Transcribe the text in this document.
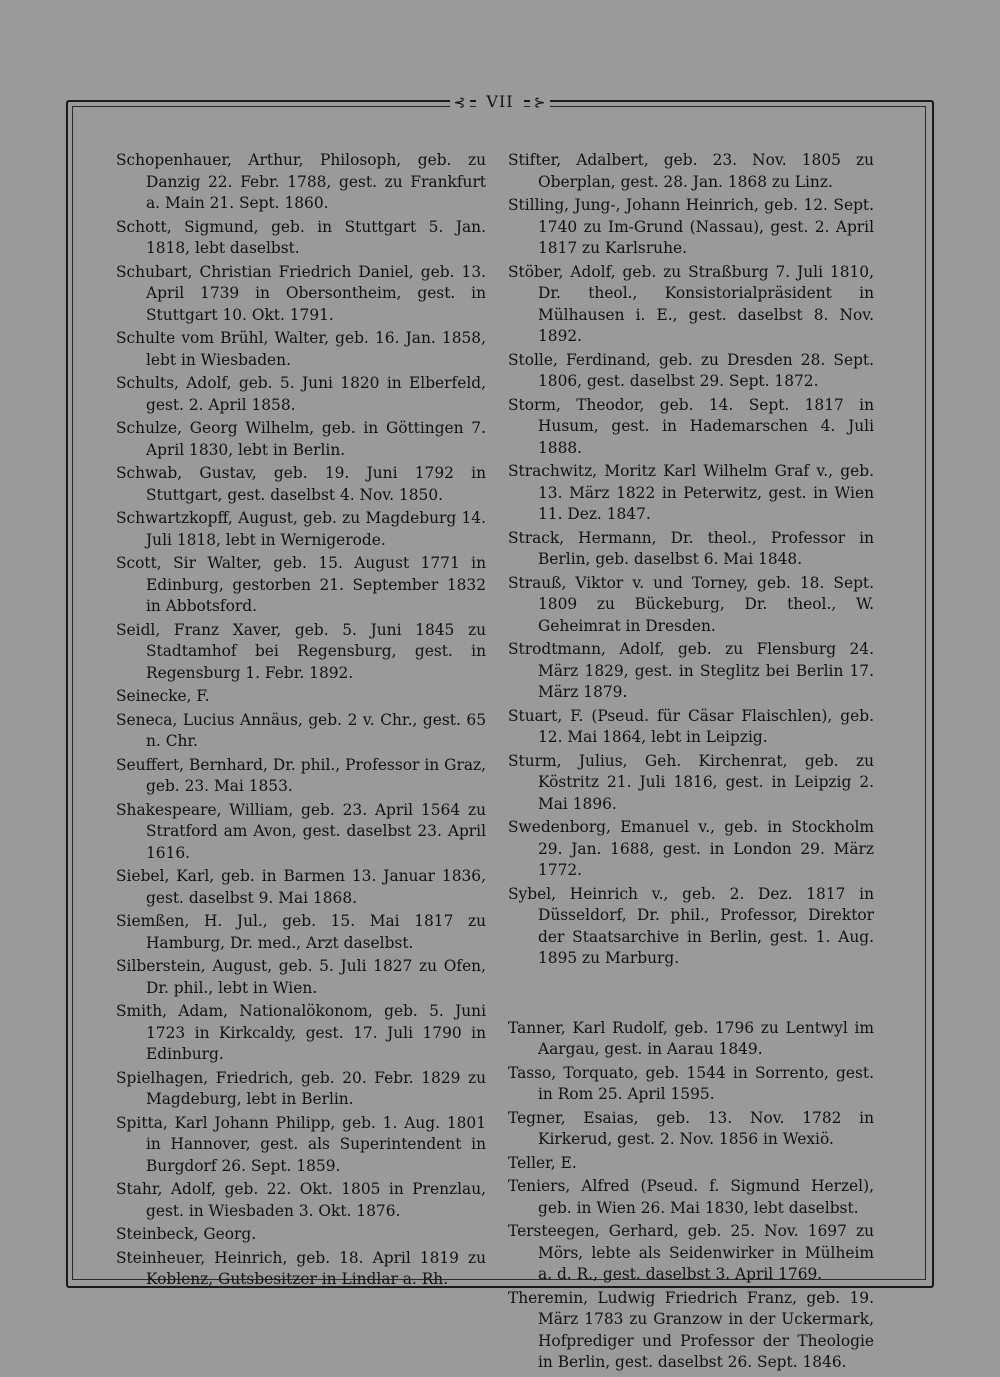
⊰ VII ⊱
Schopenhauer, Arthur, Philosoph, geb. zu Danzig 22. Febr. 1788, gest. zu Frankfurt a. Main 21. Sept. 1860.
Schott, Sigmund, geb. in Stuttgart 5. Jan. 1818, lebt daselbst.
Schubart, Christian Friedrich Daniel, geb. 13. April 1739 in Obersontheim, gest. in Stuttgart 10. Okt. 1791.
Schulte vom Brühl, Walter, geb. 16. Jan. 1858, lebt in Wiesbaden.
Schults, Adolf, geb. 5. Juni 1820 in Elberfeld, gest. 2. April 1858.
Schulze, Georg Wilhelm, geb. in Göttingen 7. April 1830, lebt in Berlin.
Schwab, Gustav, geb. 19. Juni 1792 in Stuttgart, gest. daselbst 4. Nov. 1850.
Schwartzkopff, August, geb. zu Magdeburg 14. Juli 1818, lebt in Wernigerode.
Scott, Sir Walter, geb. 15. August 1771 in Edinburg, gestorben 21. September 1832 in Abbotsford.
Seidl, Franz Xaver, geb. 5. Juni 1845 zu Stadtamhof bei Regensburg, gest. in Regensburg 1. Febr. 1892.
Seinecke, F.
Seneca, Lucius Annäus, geb. 2 v. Chr., gest. 65 n. Chr.
Seuffert, Bernhard, Dr. phil., Professor in Graz, geb. 23. Mai 1853.
Shakespeare, William, geb. 23. April 1564 zu Stratford am Avon, gest. daselbst 23. April 1616.
Siebel, Karl, geb. in Barmen 13. Januar 1836, gest. daselbst 9. Mai 1868.
Siemßen, H. Jul., geb. 15. Mai 1817 zu Hamburg, Dr. med., Arzt daselbst.
Silberstein, August, geb. 5. Juli 1827 zu Ofen, Dr. phil., lebt in Wien.
Smith, Adam, Nationalökonom, geb. 5. Juni 1723 in Kirkcaldy, gest. 17. Juli 1790 in Edinburg.
Spielhagen, Friedrich, geb. 20. Febr. 1829 zu Magdeburg, lebt in Berlin.
Spitta, Karl Johann Philipp, geb. 1. Aug. 1801 in Hannover, gest. als Superintendent in Burgdorf 26. Sept. 1859.
Stahr, Adolf, geb. 22. Okt. 1805 in Prenzlau, gest. in Wiesbaden 3. Okt. 1876.
Steinbeck, Georg.
Steinheuer, Heinrich, geb. 18. April 1819 zu Koblenz, Gutsbesitzer in Lindlar a. Rh.
Stifter, Adalbert, geb. 23. Nov. 1805 zu Oberplan, gest. 28. Jan. 1868 zu Linz.
Stilling, Jung-, Johann Heinrich, geb. 12. Sept. 1740 zu Im-Grund (Nassau), gest. 2. April 1817 zu Karlsruhe.
Stöber, Adolf, geb. zu Straßburg 7. Juli 1810, Dr. theol., Konsistorialpräsident in Mülhausen i. E., gest. daselbst 8. Nov. 1892.
Stolle, Ferdinand, geb. zu Dresden 28. Sept. 1806, gest. daselbst 29. Sept. 1872.
Storm, Theodor, geb. 14. Sept. 1817 in Husum, gest. in Hademarschen 4. Juli 1888.
Strachwitz, Moritz Karl Wilhelm Graf v., geb. 13. März 1822 in Peterwitz, gest. in Wien 11. Dez. 1847.
Strack, Hermann, Dr. theol., Professor in Berlin, geb. daselbst 6. Mai 1848.
Strauß, Viktor v. und Torney, geb. 18. Sept. 1809 zu Bückeburg, Dr. theol., W. Geheimrat in Dresden.
Strodtmann, Adolf, geb. zu Flensburg 24. März 1829, gest. in Steglitz bei Berlin 17. März 1879.
Stuart, F. (Pseud. für Cäsar Flaischlen), geb. 12. Mai 1864, lebt in Leipzig.
Sturm, Julius, Geh. Kirchenrat, geb. zu Köstritz 21. Juli 1816, gest. in Leipzig 2. Mai 1896.
Swedenborg, Emanuel v., geb. in Stockholm 29. Jan. 1688, gest. in London 29. März 1772.
Sybel, Heinrich v., geb. 2. Dez. 1817 in Düsseldorf, Dr. phil., Professor, Direktor der Staatsarchive in Berlin, gest. 1. Aug. 1895 zu Marburg.
Tanner, Karl Rudolf, geb. 1796 zu Lentwyl im Aargau, gest. in Aarau 1849.
Tasso, Torquato, geb. 1544 in Sorrento, gest. in Rom 25. April 1595.
Tegner, Esaias, geb. 13. Nov. 1782 in Kirkerud, gest. 2. Nov. 1856 in Wexiö.
Teller, E.
Teniers, Alfred (Pseud. f. Sigmund Herzel), geb. in Wien 26. Mai 1830, lebt daselbst.
Tersteegen, Gerhard, geb. 25. Nov. 1697 zu Mörs, lebte als Seidenwirker in Mülheim a. d. R., gest. daselbst 3. April 1769.
Theremin, Ludwig Friedrich Franz, geb. 19. März 1783 zu Granzow in der Uckermark, Hofprediger und Professor der Theologie in Berlin, gest. daselbst 26. Sept. 1846.
